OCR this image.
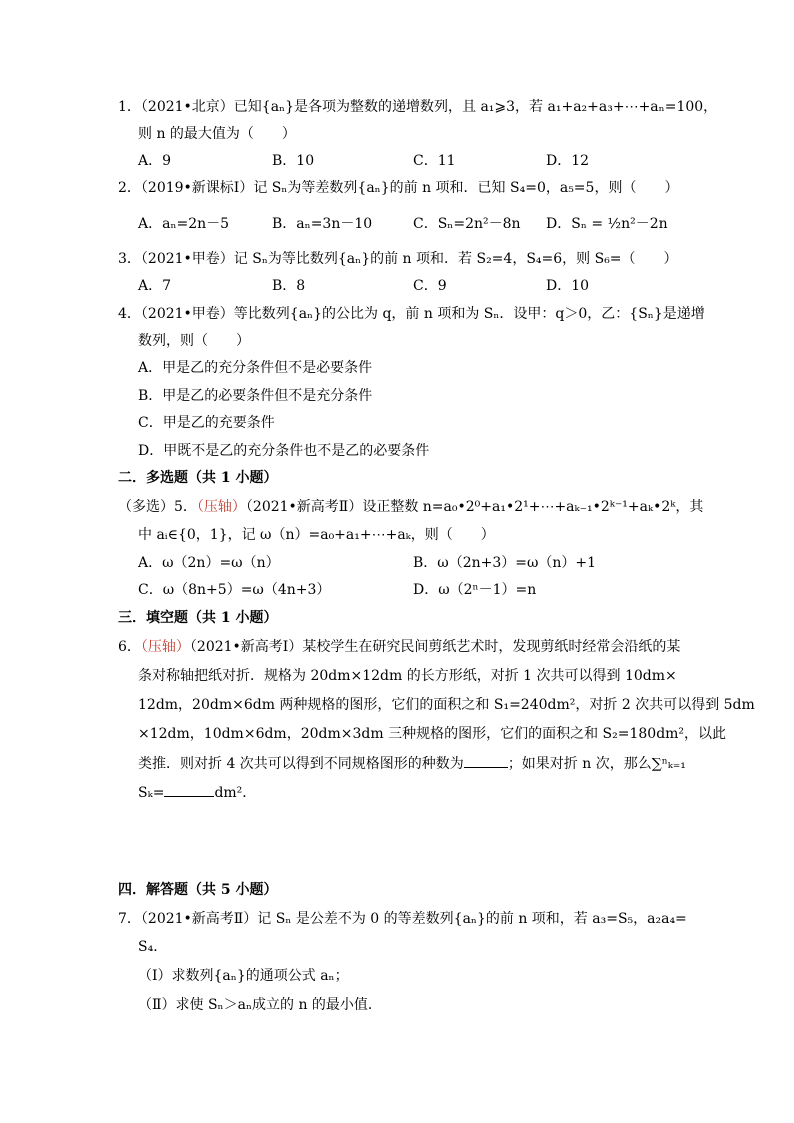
1．（2021•北京）已知{aₙ}是各项为整数的递增数列，且 a₁⩾3，若 a₁+a₂+a₃+⋯+aₙ=100，
则 n 的最大值为（　　）
A．9	B．10	C．11	D．12
2．（2019•新课标Ⅰ）记 Sₙ为等差数列{aₙ}的前 n 项和．已知 S₄=0，a₅=5，则（　　）
A．aₙ=2n－5	B．aₙ=3n－10	C．Sₙ=2n²－8n D．Sₙ = ½n²－2n
3．（2021•甲卷）记 Sₙ为等比数列{aₙ}的前 n 项和．若 S₂=4，S₄=6，则 S₆=（　　）
A．7	B．8	C．9	D．10
4．（2021•甲卷）等比数列{aₙ}的公比为 q，前 n 项和为 Sₙ．设甲：q＞0，乙：{Sₙ}是递增
数列，则（　　）
A．甲是乙的充分条件但不是必要条件
B．甲是乙的必要条件但不是充分条件
C．甲是乙的充要条件
D．甲既不是乙的充分条件也不是乙的必要条件
二．多选题（共 1 小题）
（多选）5．（压轴）（2021•新高考Ⅱ）设正整数 n=a₀•2⁰+a₁•2¹+⋯+aₖ₋₁•2ᵏ⁻¹+aₖ•2ᵏ，其
中 aᵢ∈{0，1}，记 ω（n）=a₀+a₁+⋯+aₖ，则（　　）
A．ω（2n）=ω（n）	B．ω（2n+3）=ω（n）+1
C．ω（8n+5）=ω（4n+3）	D．ω（2ⁿ－1）=n
三．填空题（共 1 小题）
6．（压轴）（2021•新高考Ⅰ）某校学生在研究民间剪纸艺术时，发现剪纸时经常会沿纸的某
条对称轴把纸对折．规格为 20dm×12dm 的长方形纸，对折 1 次共可以得到 10dm×
12dm，20dm×6dm 两种规格的图形，它们的面积之和 S₁=240dm²，对折 2 次共可以得到 5dm
×12dm，10dm×6dm，20dm×3dm 三种规格的图形，它们的面积之和 S₂=180dm²，以此
类推．则对折 4 次共可以得到不同规格图形的种数为	；如果对折 n 次，那么∑ⁿₖ₌₁
Sₖ=	dm²．
四．解答题（共 5 小题）
7．（2021•新高考Ⅱ）记 Sₙ 是公差不为 0 的等差数列{aₙ}的前 n 项和，若 a₃=S₅，a₂a₄=
S₄．
（Ⅰ）求数列{aₙ}的通项公式 aₙ；
（Ⅱ）求使 Sₙ＞aₙ成立的 n 的最小值．
